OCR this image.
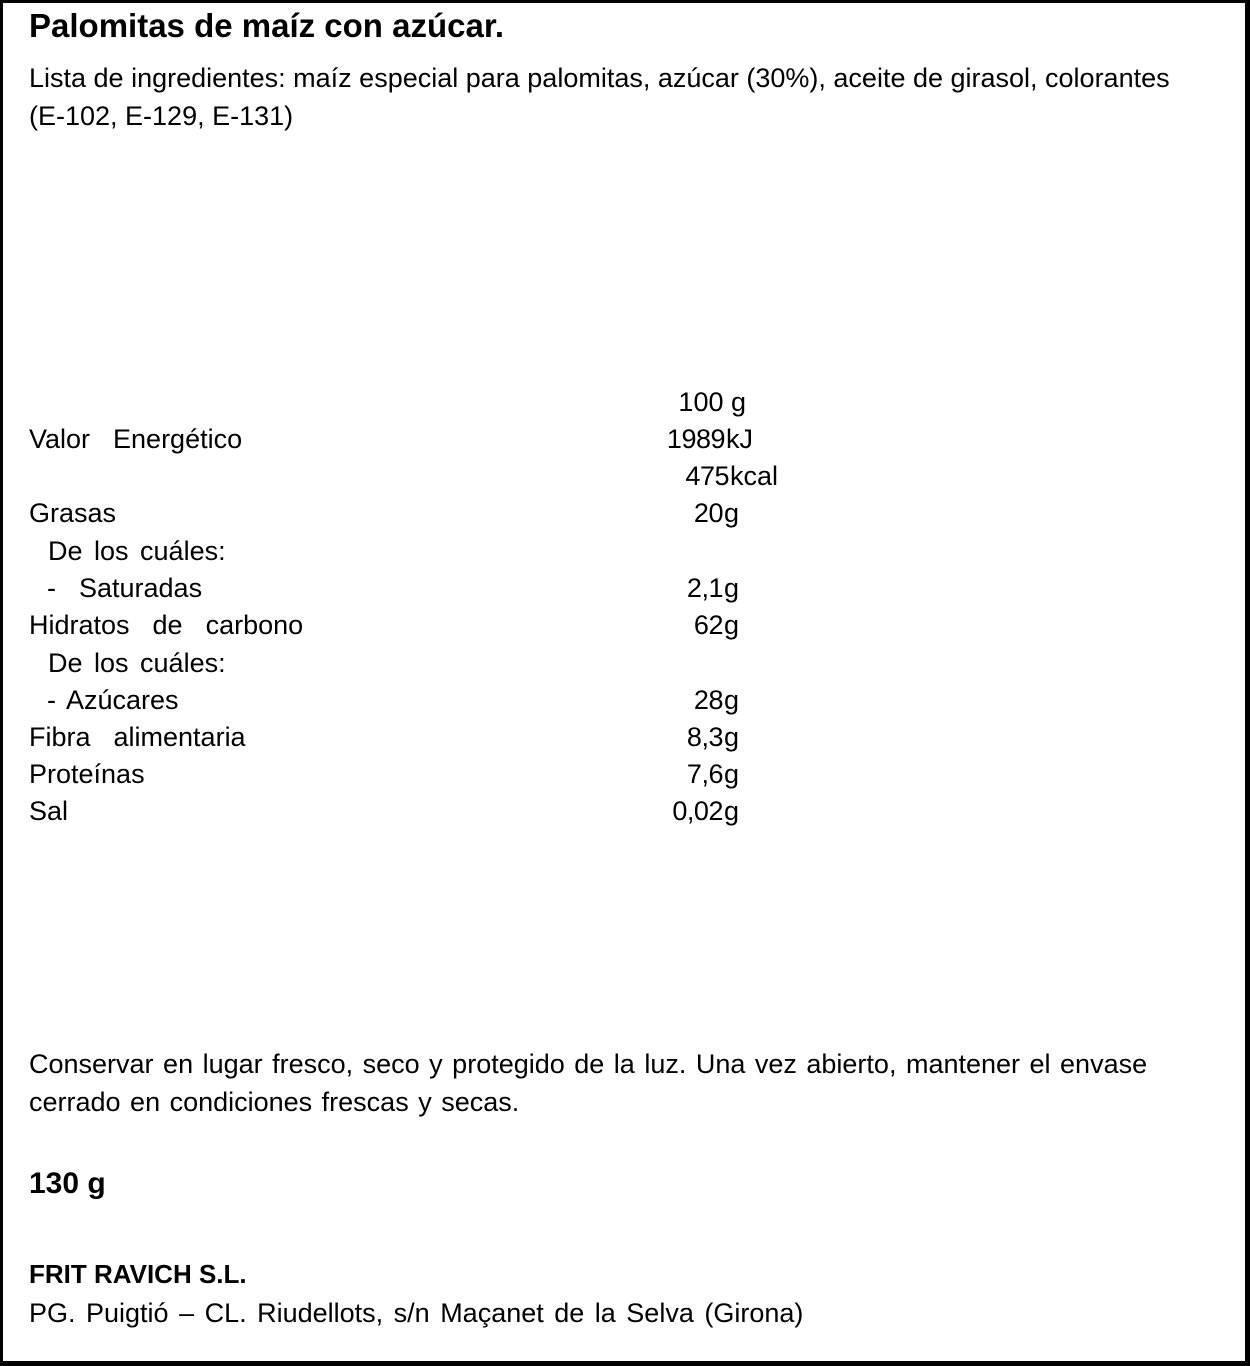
Palomitas de maíz con azúcar.
Lista de ingredientes: maíz especial para palomitas, azúcar (30%), aceite de girasol, colorantes (E-102, E-129, E-131)
100 g
Valor  Energético	1989kJ
475kcal
Grasas	20g
De los cuáles:
-  Saturadas	2,1g
Hidratos  de  carbono	62g
De los cuáles:
- Azúcares	28g
Fibra  alimentaria	8,3g
Proteínas	7,6g
Sal	0,02g
Conservar en lugar fresco, seco y protegido de la luz. Una vez abierto, mantener el envase cerrado en condiciones frescas y secas.
130 g
FRIT RAVICH S.L.
PG. Puigtió – CL. Riudellots, s/n Maçanet de la Selva (Girona)
